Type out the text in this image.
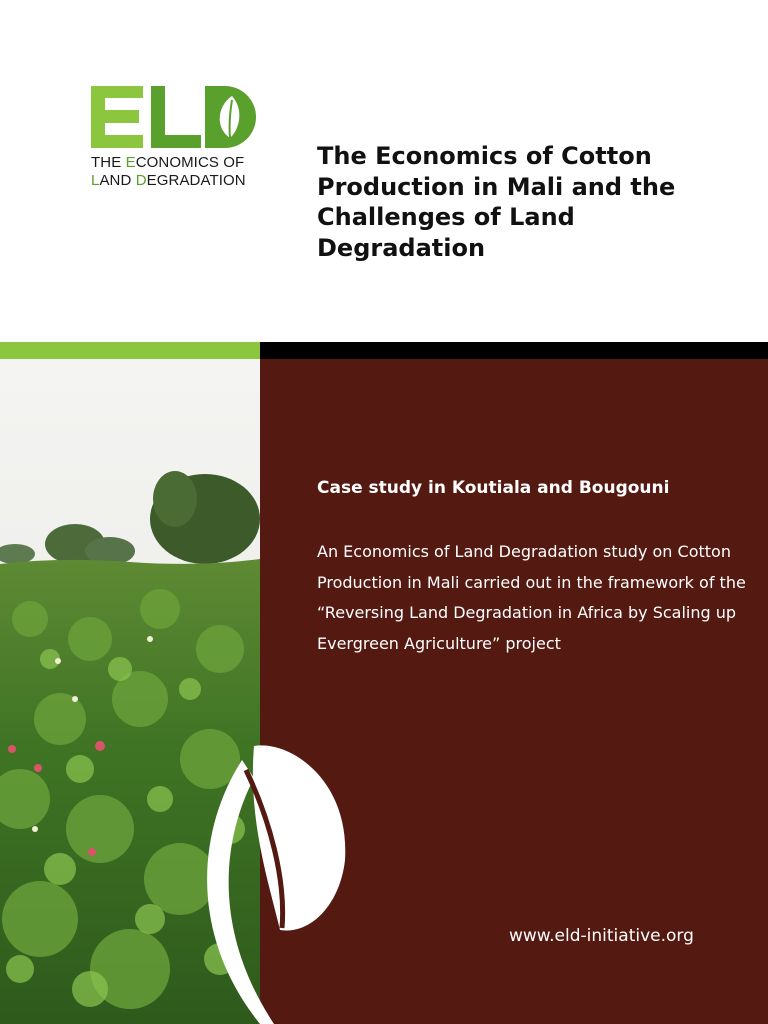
THE ECONOMICS OF
LAND DEGRADATION
The Economics of Cotton Production in Mali and the Challenges of Land Degradation
Case study in Koutiala and Bougouni

An Economics of Land Degradation study on Cotton Production in Mali carried out in the framework of the “Reversing Land Degradation in Africa by Scaling up Evergreen Agriculture” project

www.eld-initiative.org
